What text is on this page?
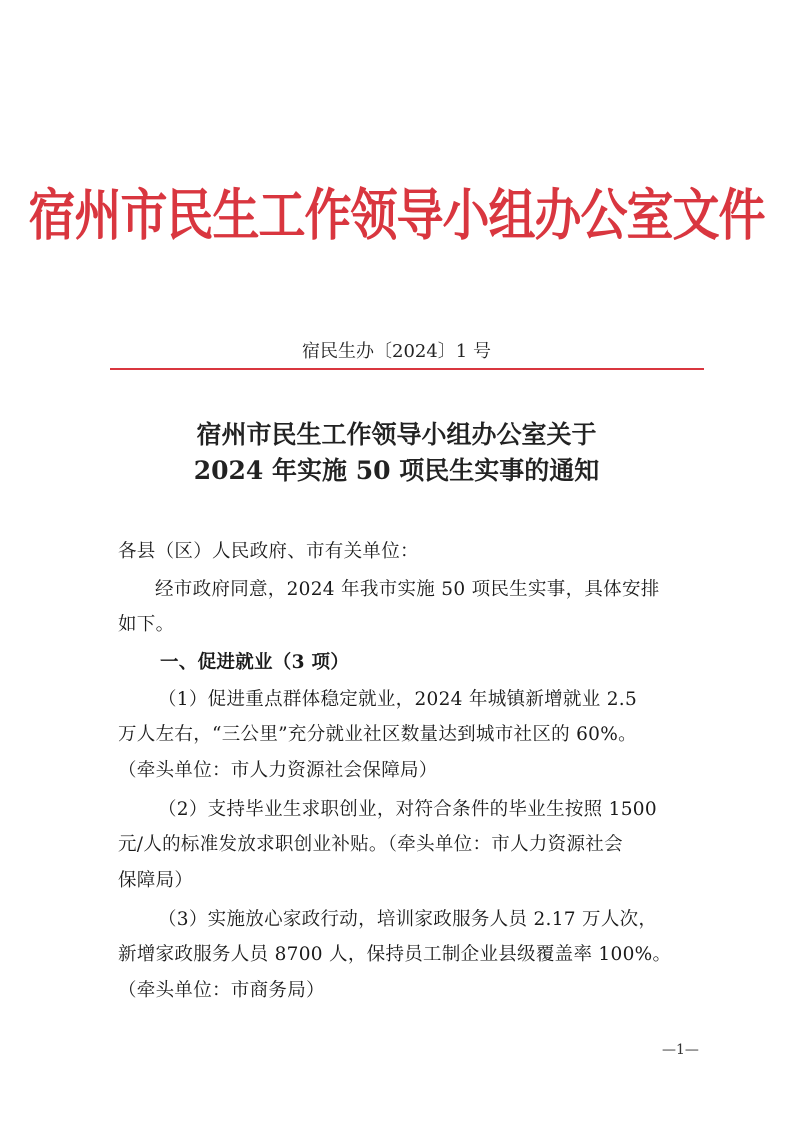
宿州市民生工作领导小组办公室文件
宿民生办〔2024〕1 号
宿州市民生工作领导小组办公室关于
2024 年实施 50 项民生实事的通知
各县（区）人民政府、市有关单位：
经市政府同意，2024 年我市实施 50 项民生实事，具体安排
如下。
一、促进就业（3 项）
（1）促进重点群体稳定就业，2024 年城镇新增就业 2.5
万人左右，“三公里”充分就业社区数量达到城市社区的 60%。
（牵头单位：市人力资源社会保障局）
（2）支持毕业生求职创业，对符合条件的毕业生按照 1500
元/人的标准发放求职创业补贴。（牵头单位：市人力资源社会
保障局）
（3）实施放心家政行动，培训家政服务人员 2.17 万人次，
新增家政服务人员 8700 人，保持员工制企业县级覆盖率 100%。
（牵头单位：市商务局）
—1—
